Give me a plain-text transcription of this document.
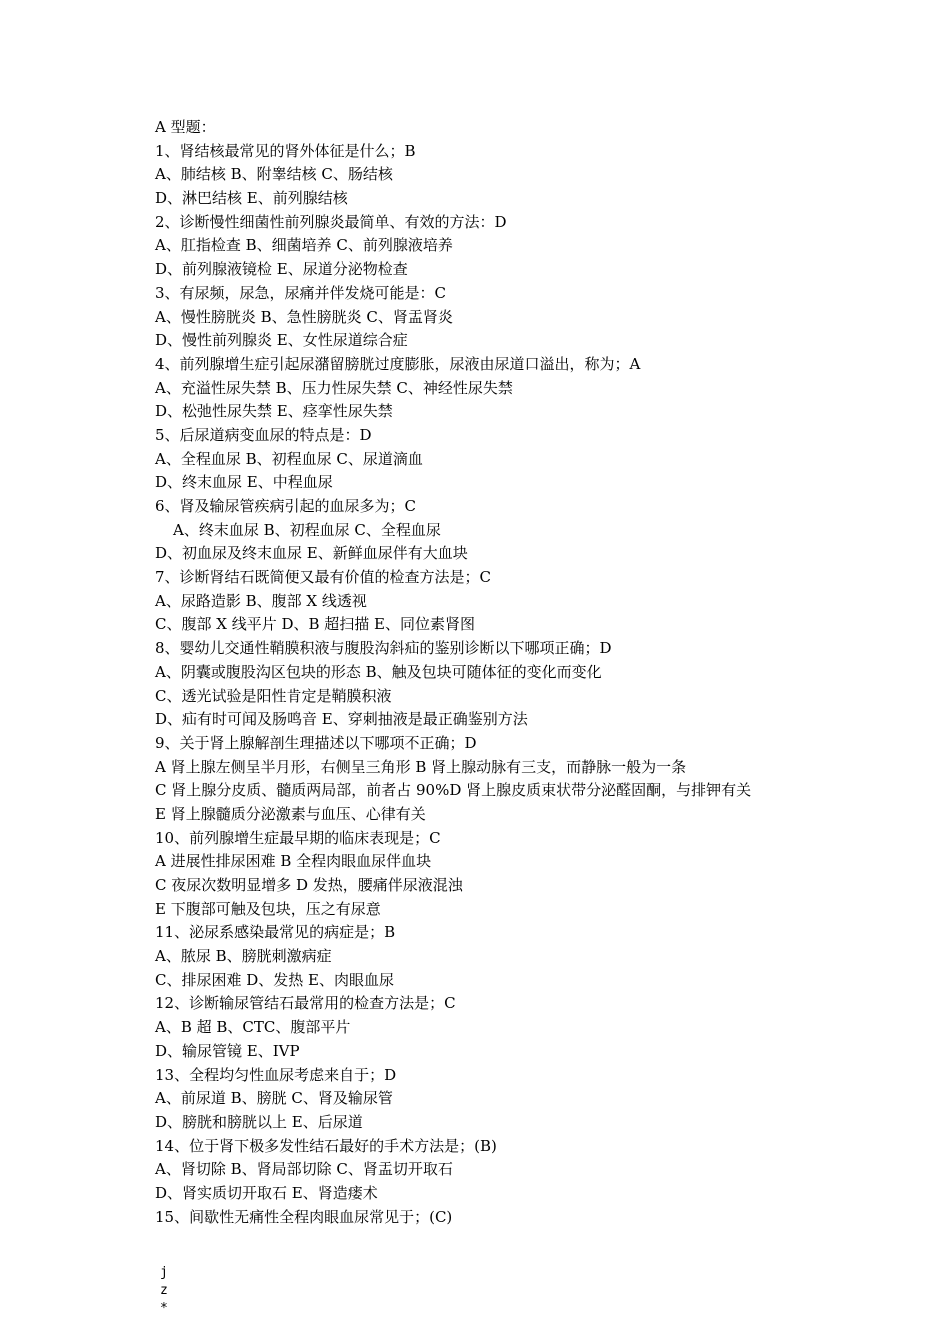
A 型题：
1、肾结核最常见的肾外体征是什么；B
A、肺结核 B、附睾结核 C、肠结核
D、淋巴结核 E、前列腺结核
2、诊断慢性细菌性前列腺炎最简单、有效的方法：D
A、肛指检查 B、细菌培养 C、前列腺液培养
D、前列腺液镜检 E、尿道分泌物检查
3、有尿频，尿急，尿痛并伴发烧可能是：C
A、慢性膀胱炎 B、急性膀胱炎 C、肾盂肾炎
D、慢性前列腺炎 E、女性尿道综合症
4、前列腺增生症引起尿潴留膀胱过度膨胀，尿液由尿道口溢出，称为；A
A、充溢性尿失禁 B、压力性尿失禁 C、神经性尿失禁
D、松弛性尿失禁 E、痉挛性尿失禁
5、后尿道病变血尿的特点是：D
A、全程血尿 B、初程血尿 C、尿道滴血
D、终末血尿 E、中程血尿
6、肾及输尿管疾病引起的血尿多为；C
A、终末血尿 B、初程血尿 C、全程血尿
D、初血尿及终末血尿 E、新鲜血尿伴有大血块
7、诊断肾结石既简便又最有价值的检查方法是；C
A、尿路造影 B、腹部 X 线透视
C、腹部 X 线平片 D、B 超扫描 E、同位素肾图
8、婴幼儿交通性鞘膜积液与腹股沟斜疝的鉴别诊断以下哪项正确；D
A、阴囊或腹股沟区包块的形态 B、触及包块可随体征的变化而变化
C、透光试验是阳性肯定是鞘膜积液
D、疝有时可闻及肠鸣音 E、穿刺抽液是最正确鉴别方法
9、关于肾上腺解剖生理描述以下哪项不正确；D
A 肾上腺左侧呈半月形，右侧呈三角形 B 肾上腺动脉有三支，而静脉一般为一条
C 肾上腺分皮质、髓质两局部，前者占 90%D 肾上腺皮质束状带分泌醛固酮，与排钾有关
E 肾上腺髓质分泌激素与血压、心律有关
10、前列腺增生症最早期的临床表现是；C
A 进展性排尿困难 B 全程肉眼血尿伴血块
C 夜尿次数明显增多 D 发热，腰痛伴尿液混浊
E 下腹部可触及包块，压之有尿意
11、泌尿系感染最常见的病症是；B
A、脓尿 B、膀胱刺激病症
C、排尿困难 D、发热 E、肉眼血尿
12、诊断输尿管结石最常用的检查方法是；C
A、B 超 B、CTC、腹部平片
D、输尿管镜 E、IVP
13、全程均匀性血尿考虑来自于；D
A、前尿道 B、膀胱 C、肾及输尿管
D、膀胱和膀胱以上 E、后尿道
14、位于肾下极多发性结石最好的手术方法是；(B)
A、肾切除 B、肾局部切除 C、肾盂切开取石
D、肾实质切开取石 E、肾造瘘术
15、间歇性无痛性全程肉眼血尿常见于；(C)
j
z
*
